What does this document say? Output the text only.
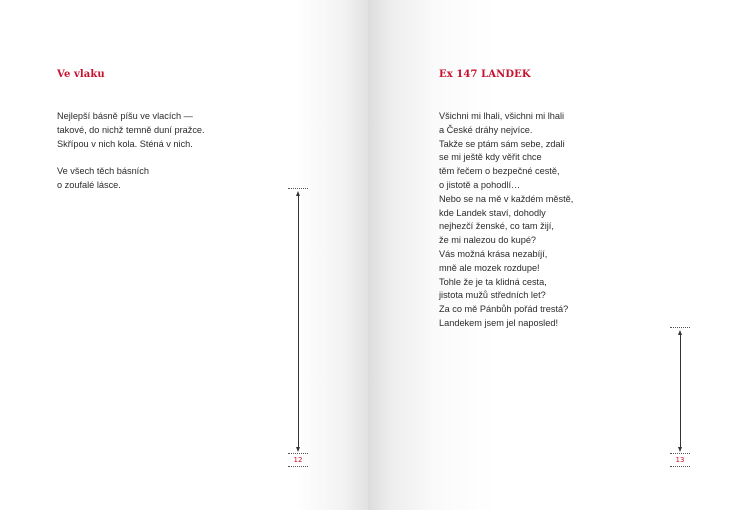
Ve vlaku
Nejlepší básně píšu ve vlacích —
takové, do nichž temně duní pražce.
Skřípou v nich kola. Sténá v nich.
Ve všech těch básních
o zoufalé lásce.
12
Ex 147 LANDEK
Všichni mi lhali, všichni mi lhali
a České dráhy nejvíce.
Takže se ptám sám sebe, zdali
se mi ještě kdy věřit chce
těm řečem o bezpečné cestě,
o jistotě a pohodlí…
Nebo se na mě v každém městě,
kde Landek staví, dohodly
nejhezčí ženské, co tam žijí,
že mi nalezou do kupé?
Vás možná krása nezabíjí,
mně ale mozek rozdupe!
Tohle že je ta klidná cesta,
jistota mužů středních let?
Za co mě Pánbůh pořád trestá?
Landekem jsem jel naposled!
13
